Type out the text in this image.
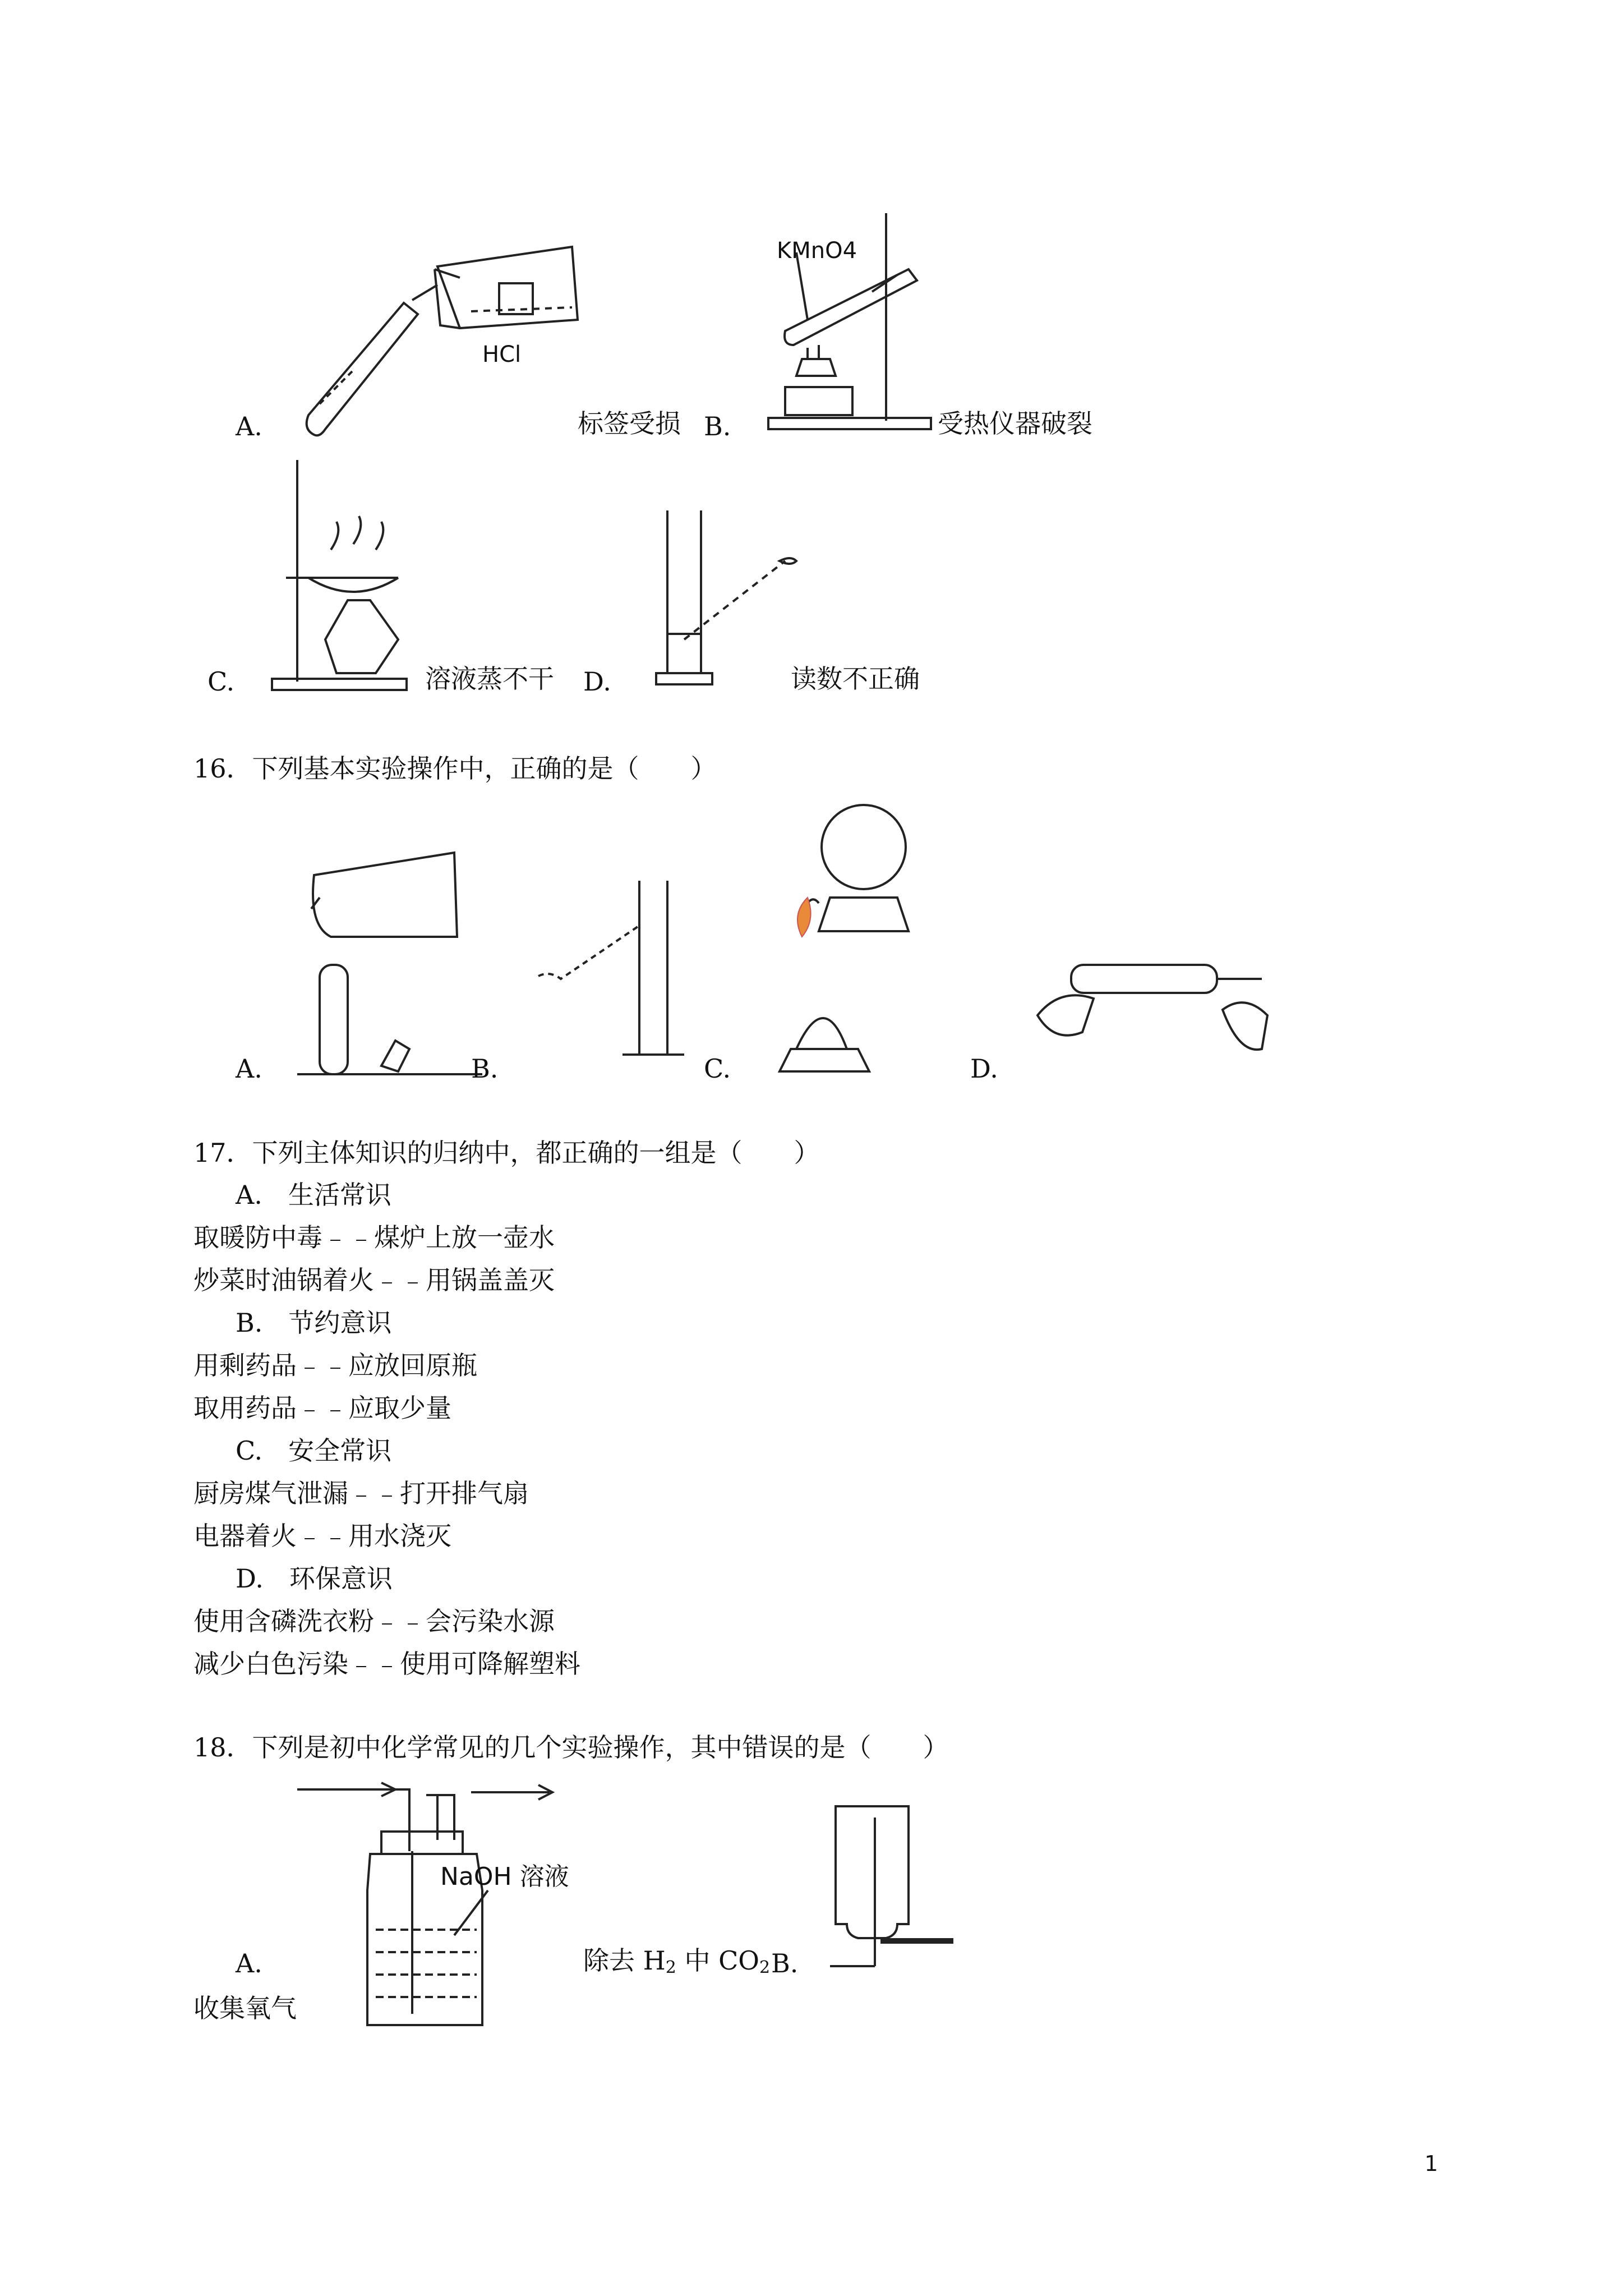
HCl
A.	标签受损
KMnO4
B.	受热仪器破裂
C.	溶液蒸不干 D.	读数不正确
16．下列基本实验操作中，正确的是（　　）
A.	B.	C.	D.
17．下列主体知识的归纳中，都正确的一组是（　　）
A.　生活常识
取暖防中毒﹣﹣煤炉上放一壶水
炒菜时油锅着火﹣﹣用锅盖盖灭
B.　节约意识
用剩药品﹣﹣应放回原瓶
取用药品﹣﹣应取少量
C.　安全常识
厨房煤气泄漏﹣﹣打开排气扇
电器着火﹣﹣用水浇灭
D.　环保意识
使用含磷洗衣粉﹣﹣会污染水源
减少白色污染﹣﹣使用可降解塑料
18．下列是初中化学常见的几个实验操作，其中错误的是（　　）
NaOH 溶液
A.	除去 $H_2$ 中 $CO_2$ B.
收集氧气
1
